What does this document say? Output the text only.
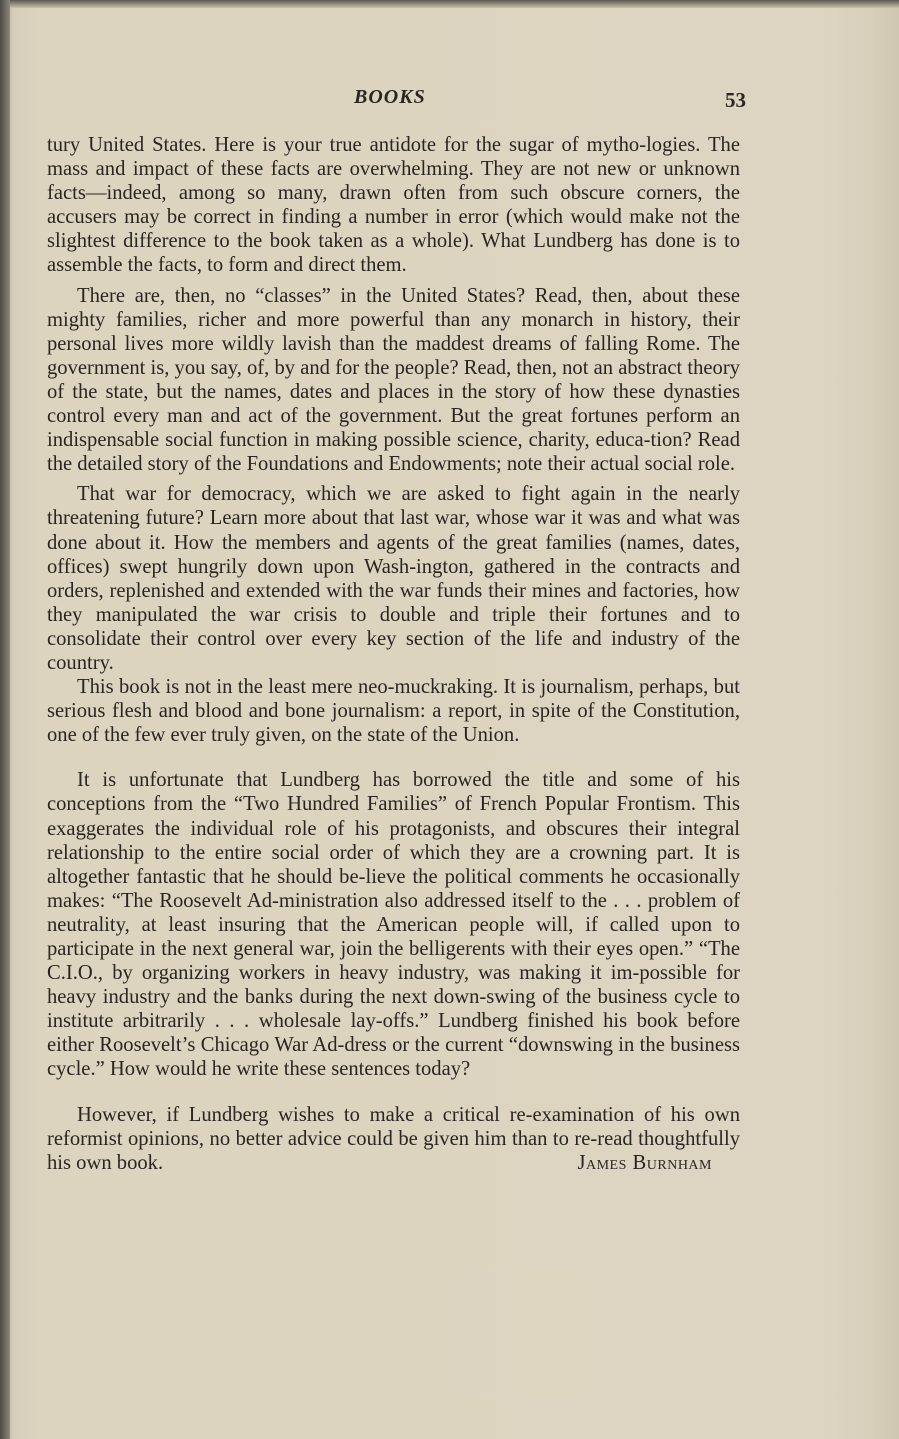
BOOKS	53

tury United States. Here is your true antidote for the sugar of mytho-logies. The mass and impact of these facts are overwhelming. They are not new or unknown facts—indeed, among so many, drawn often from such obscure corners, the accusers may be correct in finding a number in error (which would make not the slightest difference to the book taken as a whole). What Lundberg has done is to assemble the facts, to form and direct them.

There are, then, no “classes” in the United States? Read, then, about these mighty families, richer and more powerful than any monarch in history, their personal lives more wildly lavish than the maddest dreams of falling Rome. The government is, you say, of, by and for the people? Read, then, not an abstract theory of the state, but the names, dates and places in the story of how these dynasties control every man and act of the government. But the great fortunes perform an indispensable social function in making possible science, charity, educa-tion? Read the detailed story of the Foundations and Endowments; note their actual social role.

That war for democracy, which we are asked to fight again in the nearly threatening future? Learn more about that last war, whose war it was and what was done about it. How the members and agents of the great families (names, dates, offices) swept hungrily down upon Wash-ington, gathered in the contracts and orders, replenished and extended with the war funds their mines and factories, how they manipulated the war crisis to double and triple their fortunes and to consolidate their control over every key section of the life and industry of the country.

This book is not in the least mere neo-muckraking. It is journalism, perhaps, but serious flesh and blood and bone journalism: a report, in spite of the Constitution, one of the few ever truly given, on the state of the Union.

It is unfortunate that Lundberg has borrowed the title and some of his conceptions from the “Two Hundred Families” of French Popular Frontism. This exaggerates the individual role of his protagonists, and obscures their integral relationship to the entire social order of which they are a crowning part. It is altogether fantastic that he should be-lieve the political comments he occasionally makes: “The Roosevelt Ad-ministration also addressed itself to the . . . problem of neutrality, at least insuring that the American people will, if called upon to participate in the next general war, join the belligerents with their eyes open.” “The C.I.O., by organizing workers in heavy industry, was making it im-possible for heavy industry and the banks during the next down-swing of the business cycle to institute arbitrarily . . . wholesale lay-offs.” Lundberg finished his book before either Roosevelt’s Chicago War Ad-dress or the current “downswing in the business cycle.” How would he write these sentences today?

However, if Lundberg wishes to make a critical re-examination of his own reformist opinions, no better advice could be given him than to re-read thoughtfully his own book.	James Burnham
